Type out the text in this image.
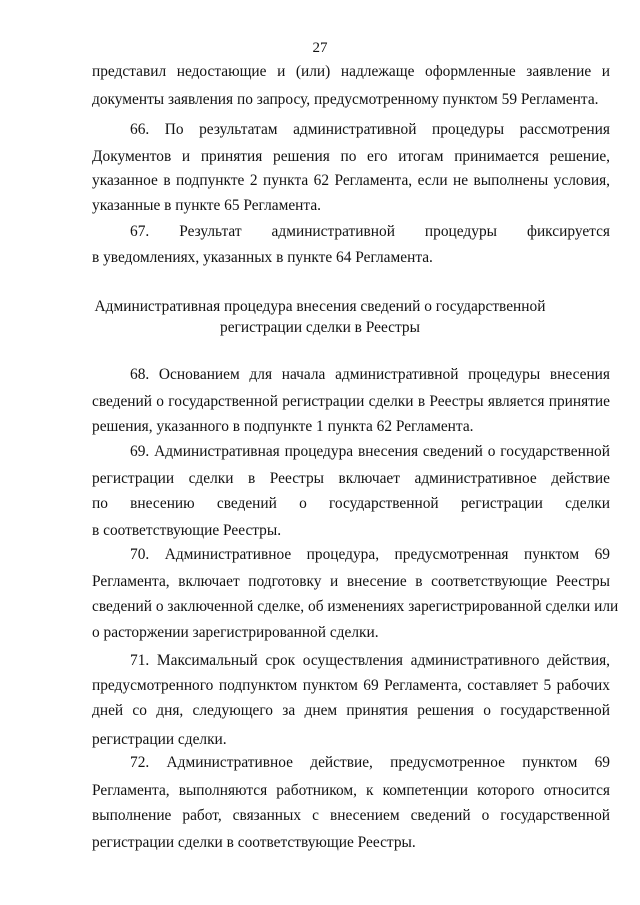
27
представил недостающие и (или) надлежаще оформленные заявление и
документы заявления по запросу, предусмотренному пунктом 59 Регламента.
66. По результатам административной процедуры рассмотрения
Документов и принятия решения по его итогам принимается решение,
указанное в подпункте 2 пункта 62 Регламента, если не выполнены условия,
указанные в пункте 65 Регламента.
67. Результат административной процедуры фиксируется
в уведомлениях, указанных в пункте 64 Регламента.
Административная процедура внесения сведений о государственной
регистрации сделки в Реестры
68. Основанием для начала административной процедуры внесения
сведений о государственной регистрации сделки в Реестры является принятие
решения, указанного в подпункте 1 пункта 62 Регламента.
69. Административная процедура внесения сведений о государственной
регистрации сделки в Реестры включает административное действие
по внесению сведений о государственной регистрации сделки
в соответствующие Реестры.
70. Административное процедура, предусмотренная пунктом 69
Регламента, включает подготовку и внесение в соответствующие Реестры
сведений о заключенной сделке, об изменениях зарегистрированной сделки или
о расторжении зарегистрированной сделки.
71. Максимальный срок осуществления административного действия,
предусмотренного подпунктом пунктом 69 Регламента, составляет 5 рабочих
дней со дня, следующего за днем принятия решения о государственной
регистрации сделки.
72. Административное действие, предусмотренное пунктом 69
Регламента, выполняются работником, к компетенции которого относится
выполнение работ, связанных с внесением сведений о государственной
регистрации сделки в соответствующие Реестры.
